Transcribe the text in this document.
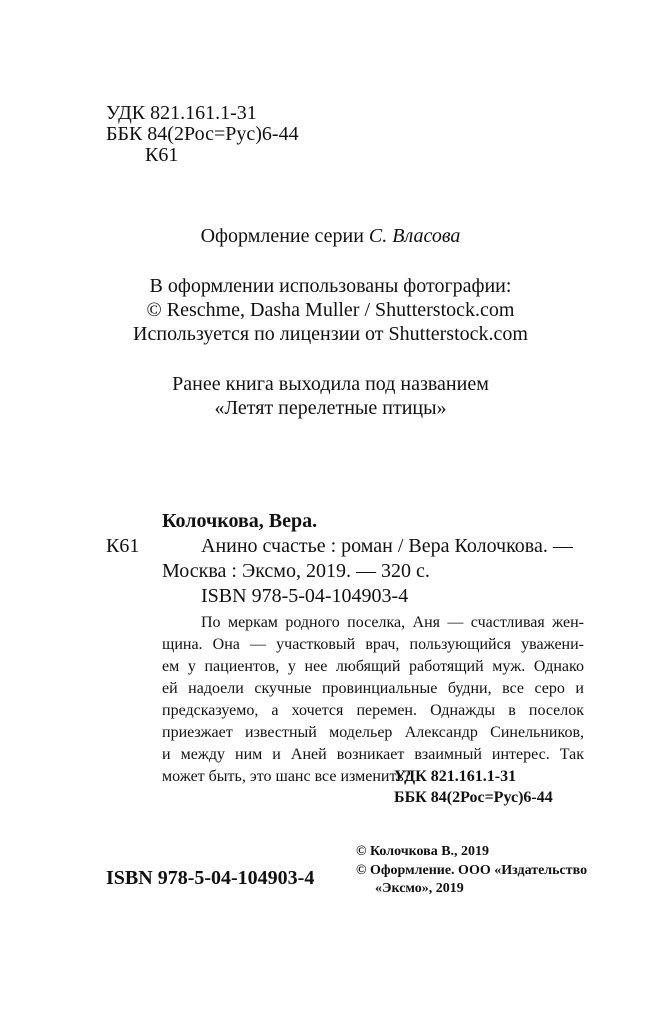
УДК 821.161.1-31
ББК 84(2Рос=Рус)6-44
К61
Оформление серии С. Власова
В оформлении использованы фотографии:
© Reschme, Dasha Muller / Shutterstock.com
Используется по лицензии от Shutterstock.com
Ранее книга выходила под названием
«Летят перелетные птицы»
Колочкова, Вера.
К61	Анино счастье : роман / Вера Колочкова. —
Москва : Эксмо, 2019. — 320 с.
ISBN 978-5-04-104903-4
По меркам родного поселка, Аня — счастливая жен-
щина. Она — участковый врач, пользующийся уважени-
ем у пациентов, у нее любящий работящий муж. Однако
ей надоели скучные провинциальные будни, все серо и
предсказуемо, а хочется перемен. Однажды в поселок
приезжает известный модельер Александр Синельников,
и между ним и Аней возникает взаимный интерес. Так
может быть, это шанс все изменить?
УДК 821.161.1-31
ББК 84(2Рос=Рус)6-44
ISBN 978-5-04-104903-4
© Колочкова В., 2019
© Оформление. ООО «Издательство
«Эксмо», 2019
